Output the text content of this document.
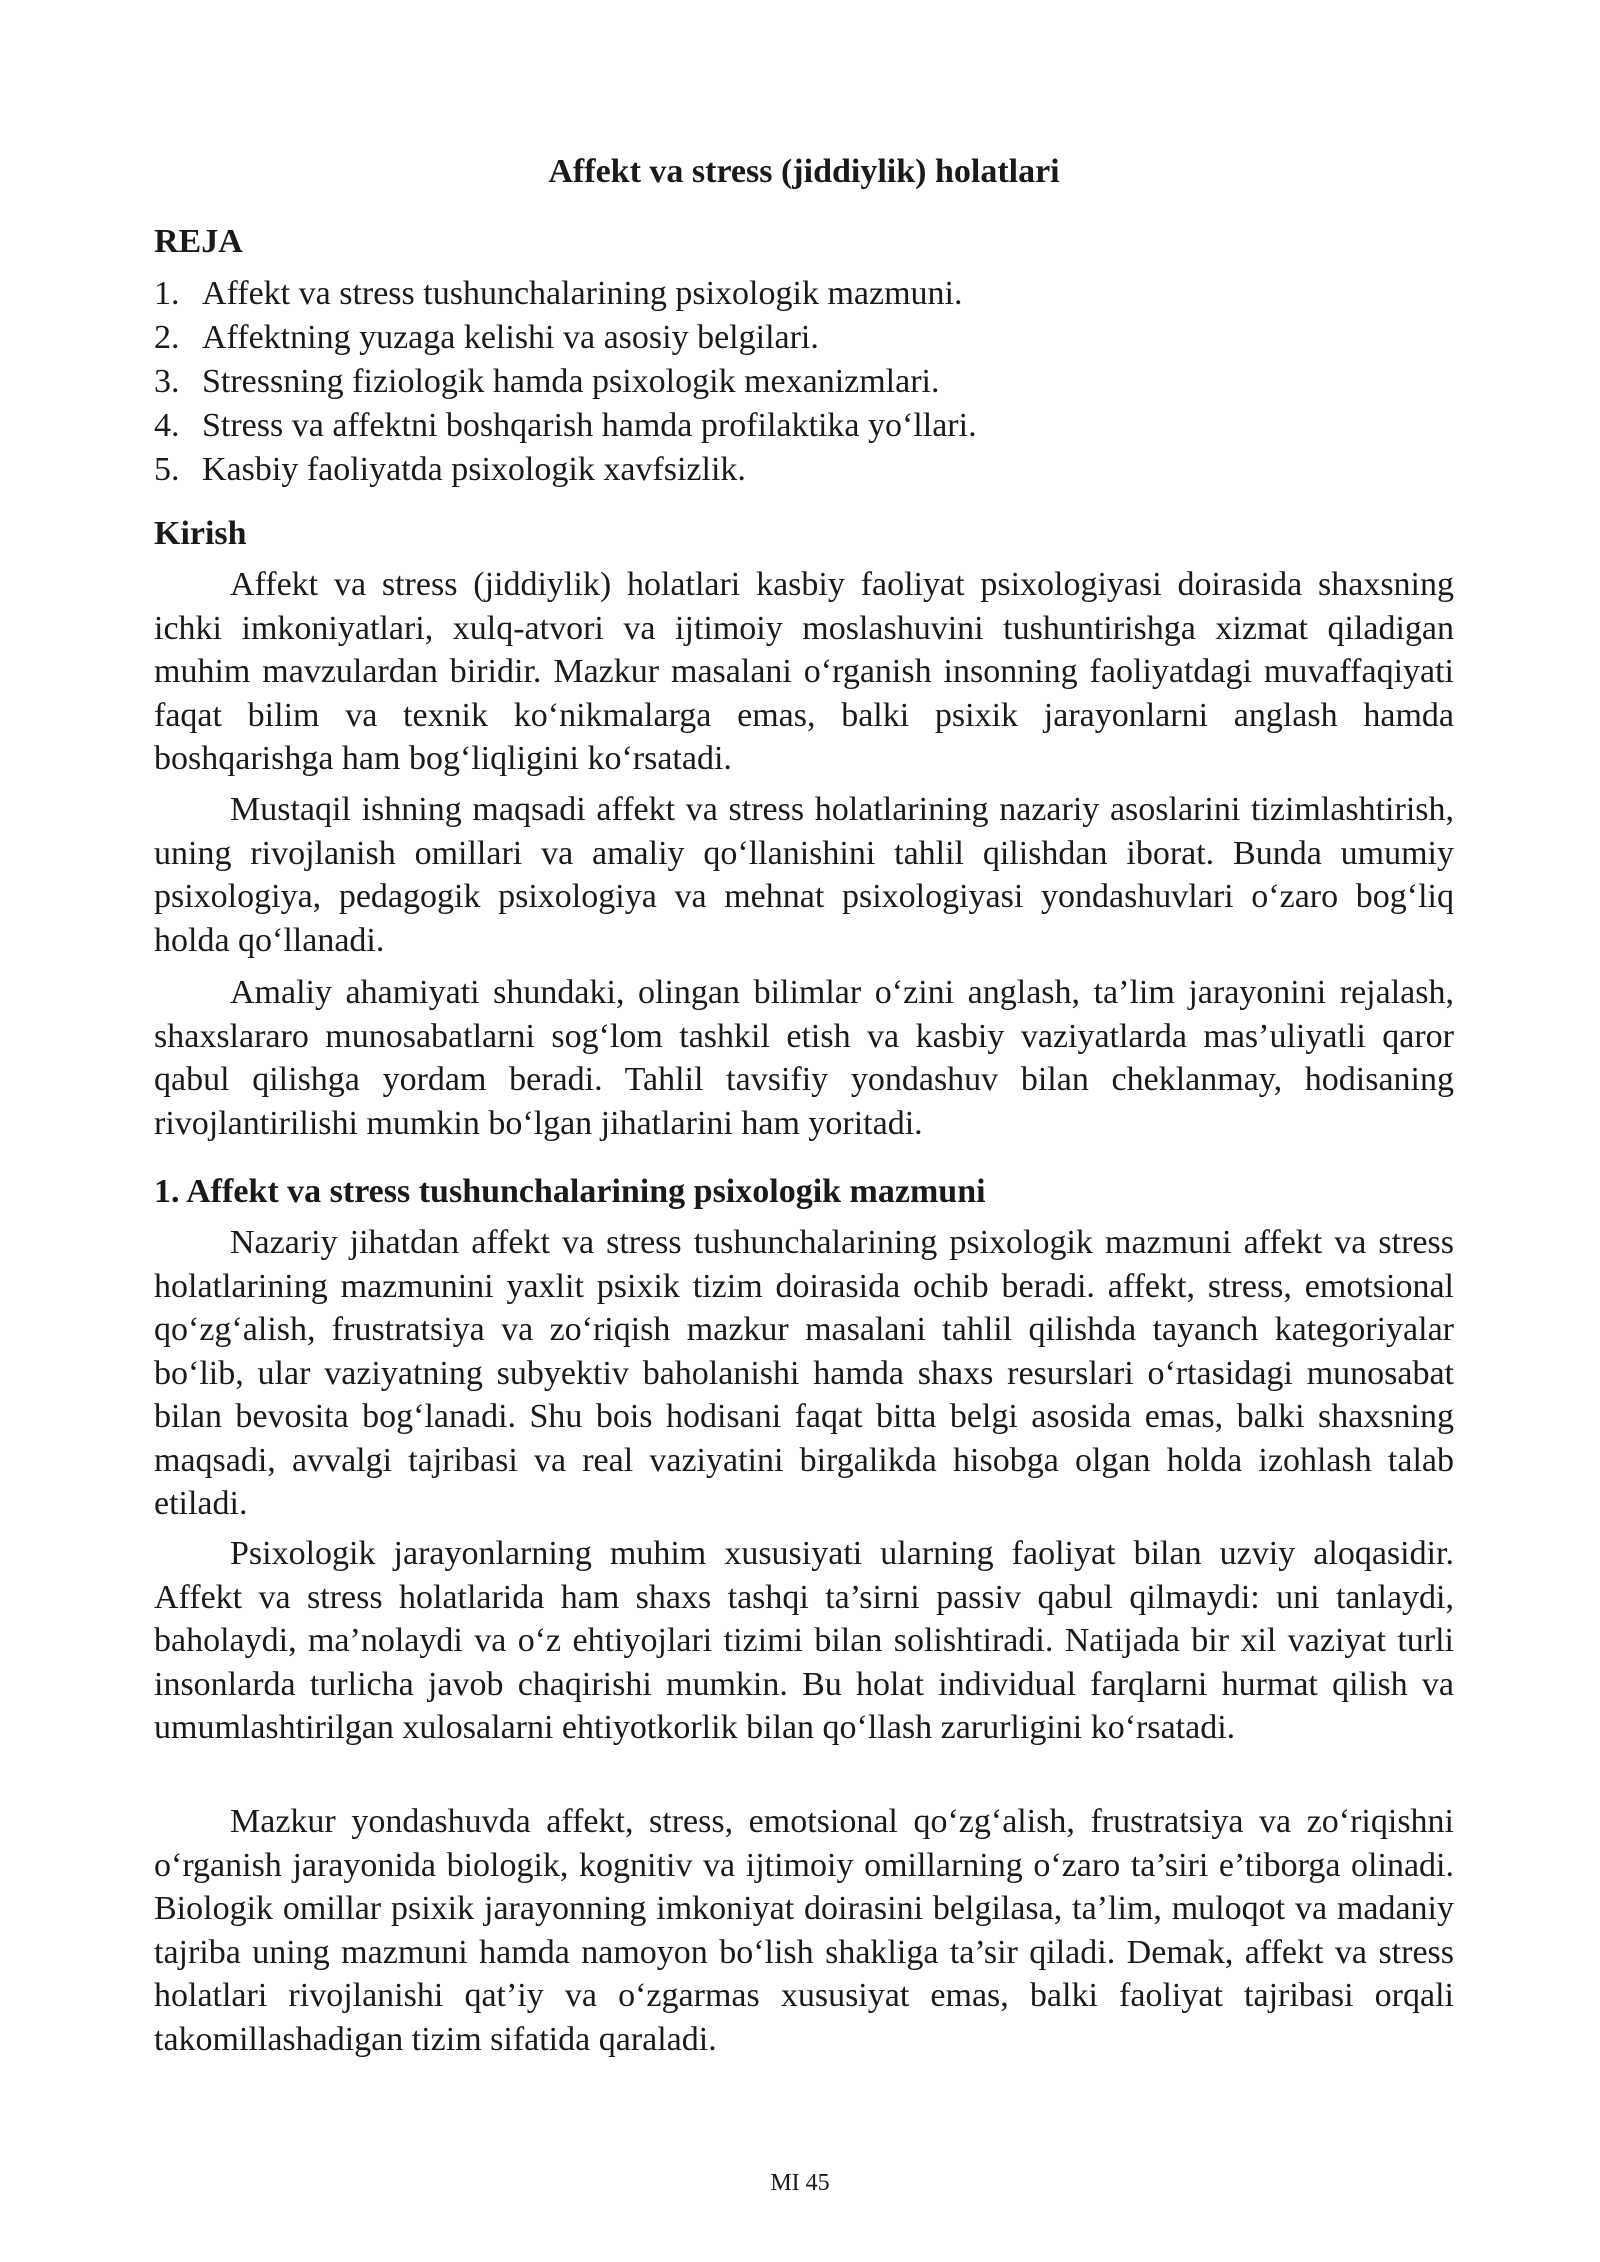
Affekt va stress (jiddiylik) holatlari
REJA
1. Affekt va stress tushunchalarining psixologik mazmuni.
2. Affektning yuzaga kelishi va asosiy belgilari.
3. Stressning fiziologik hamda psixologik mexanizmlari.
4. Stress va affektni boshqarish hamda profilaktika yo‘llari.
5. Kasbiy faoliyatda psixologik xavfsizlik.
Kirish

Affekt va stress (jiddiylik) holatlari kasbiy faoliyat psixologiyasi doirasida shaxsning ichki imkoniyatlari, xulq-atvori va ijtimoiy moslashuvini tushuntirishga xizmat qiladigan muhim mavzulardan biridir. Mazkur masalani o‘rganish insonning faoliyatdagi muvaffaqiyati faqat bilim va texnik ko‘nikmalarga emas, balki psixik jarayonlarni anglash hamda boshqarishga ham bog‘liqligini ko‘rsatadi.

Mustaqil ishning maqsadi affekt va stress holatlarining nazariy asoslarini tizimlashtirish, uning rivojlanish omillari va amaliy qo‘llanishini tahlil qilishdan iborat. Bunda umumiy psixologiya, pedagogik psixologiya va mehnat psixologiyasi yondashuvlari o‘zaro bog‘liq holda qo‘llanadi.

Amaliy ahamiyati shundaki, olingan bilimlar o‘zini anglash, ta’lim jarayonini rejalash, shaxslararo munosabatlarni sog‘lom tashkil etish va kasbiy vaziyatlarda mas’uliyatli qaror qabul qilishga yordam beradi. Tahlil tavsifiy yondashuv bilan cheklanmay, hodisaning rivojlantirilishi mumkin bo‘lgan jihatlarini ham yoritadi.

1. Affekt va stress tushunchalarining psixologik mazmuni

Nazariy jihatdan affekt va stress tushunchalarining psixologik mazmuni affekt va stress holatlarining mazmunini yaxlit psixik tizim doirasida ochib beradi. affekt, stress, emotsional qo‘zg‘alish, frustratsiya va zo‘riqish mazkur masalani tahlil qilishda tayanch kategoriyalar bo‘lib, ular vaziyatning subyektiv baholanishi hamda shaxs resurslari o‘rtasidagi munosabat bilan bevosita bog‘lanadi. Shu bois hodisani faqat bitta belgi asosida emas, balki shaxsning maqsadi, avvalgi tajribasi va real vaziyatini birgalikda hisobga olgan holda izohlash talab etiladi.

Psixologik jarayonlarning muhim xususiyati ularning faoliyat bilan uzviy aloqasidir. Affekt va stress holatlarida ham shaxs tashqi ta’sirni passiv qabul qilmaydi: uni tanlaydi, baholaydi, ma’nolaydi va o‘z ehtiyojlari tizimi bilan solishtiradi. Natijada bir xil vaziyat turli insonlarda turlicha javob chaqirishi mumkin. Bu holat individual farqlarni hurmat qilish va umumlashtirilgan xulosalarni ehtiyotkorlik bilan qo‘llash zarurligini ko‘rsatadi.

Mazkur yondashuvda affekt, stress, emotsional qo‘zg‘alish, frustratsiya va zo‘riqishni o‘rganish jarayonida biologik, kognitiv va ijtimoiy omillarning o‘zaro ta’siri e’tiborga olinadi. Biologik omillar psixik jarayonning imkoniyat doirasini belgilasa, ta’lim, muloqot va madaniy tajriba uning mazmuni hamda namoyon bo‘lish shakliga ta’sir qiladi. Demak, affekt va stress holatlari rivojlanishi qat’iy va o‘zgarmas xususiyat emas, balki faoliyat tajribasi orqali takomillashadigan tizim sifatida qaraladi.

MI 45
